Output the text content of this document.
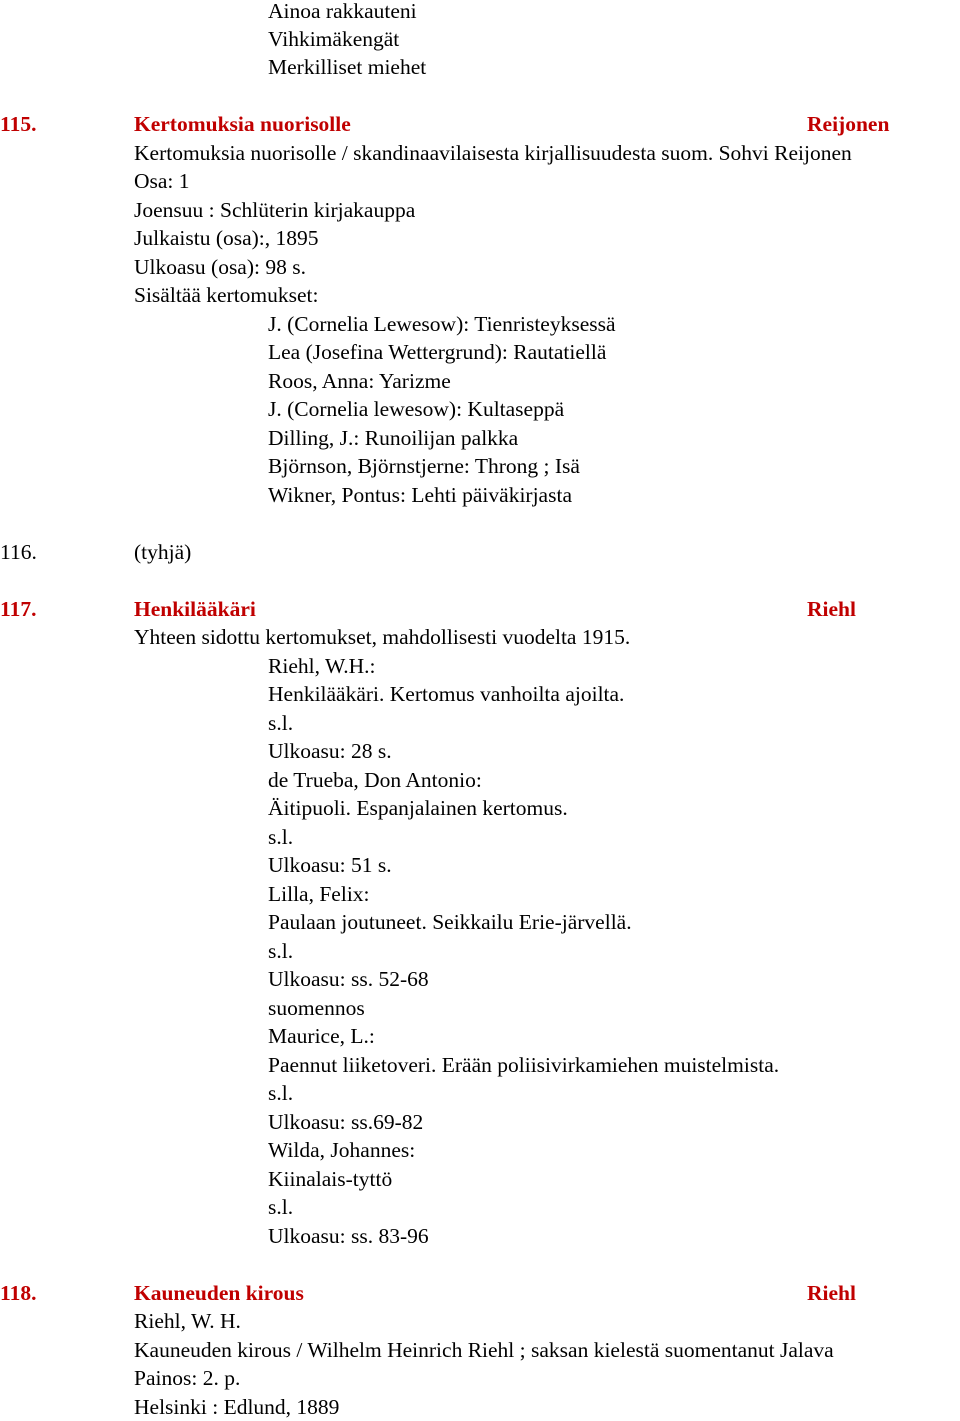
Ainoa rakkauteni
Vihkimäkengät
Merkilliset miehet
115.	Kertomuksia nuorisolle	Reijonen
Kertomuksia nuorisolle / skandinaavilaisesta kirjallisuudesta suom. Sohvi Reijonen
Osa: 1
Joensuu : Schlüterin kirjakauppa
Julkaistu (osa):, 1895
Ulkoasu (osa): 98 s.
Sisältää kertomukset:
J. (Cornelia Lewesow): Tienristeyksessä
Lea (Josefina Wettergrund): Rautatiellä
Roos, Anna: Yarizme
J. (Cornelia lewesow): Kultaseppä
Dilling, J.: Runoilijan palkka
Björnson, Björnstjerne: Throng ; Isä
Wikner, Pontus: Lehti päiväkirjasta
116.	(tyhjä)
117.	Henkilääkäri	Riehl
Yhteen sidottu kertomukset, mahdollisesti vuodelta 1915.
Riehl, W.H.:
Henkilääkäri. Kertomus vanhoilta ajoilta.
s.l.
Ulkoasu: 28 s.
de Trueba, Don Antonio:
Äitipuoli. Espanjalainen kertomus.
s.l.
Ulkoasu: 51 s.
Lilla, Felix:
Paulaan joutuneet. Seikkailu Erie-järvellä.
s.l.
Ulkoasu: ss. 52-68
suomennos
Maurice, L.:
Paennut liiketoveri. Erään poliisivirkamiehen muistelmista.
s.l.
Ulkoasu: ss.69-82
Wilda, Johannes:
Kiinalais-tyttö
s.l.
Ulkoasu: ss. 83-96
118.	Kauneuden kirous	Riehl
Riehl, W. H.
Kauneuden kirous / Wilhelm Heinrich Riehl ; saksan kielestä suomentanut Jalava
Painos: 2. p.
Helsinki : Edlund, 1889
